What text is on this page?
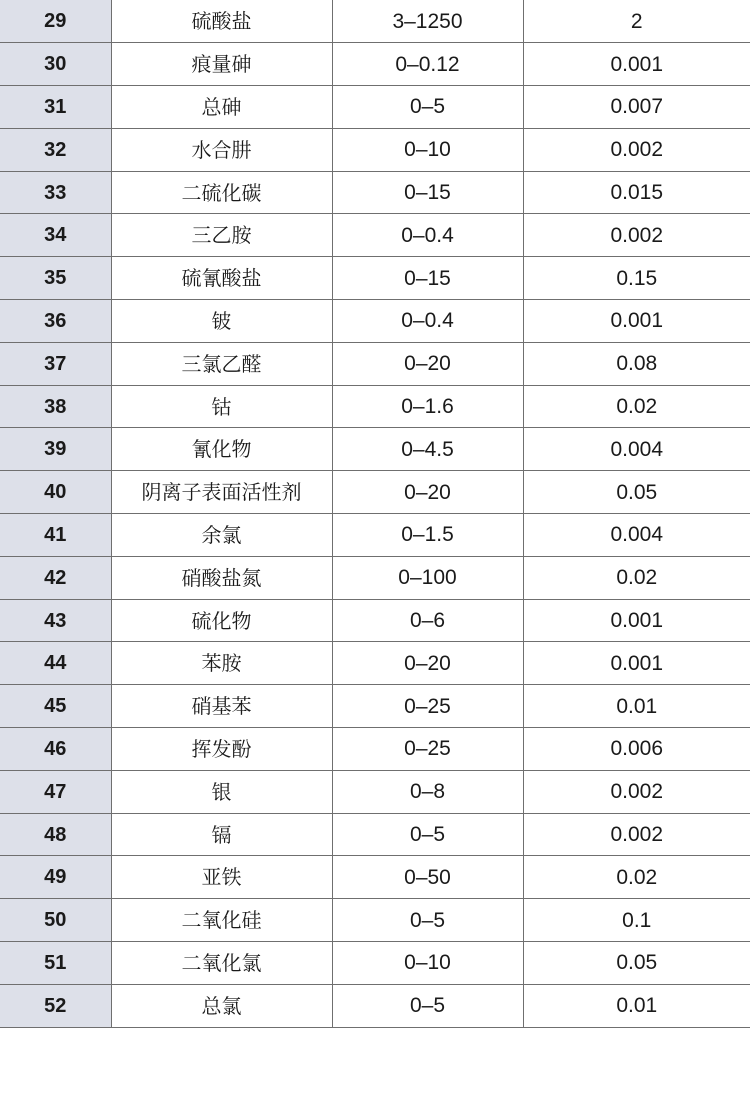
29	硫酸盐	3–1250	2
30	痕量砷	0–0.12	0.001
31	总砷	0–5	0.007
32	水合肼	0–10	0.002
33	二硫化碳	0–15	0.015
34	三乙胺	0–0.4	0.002
35	硫氰酸盐	0–15	0.15
36	铍	0–0.4	0.001
37	三氯乙醛	0–20	0.08
38	钴	0–1.6	0.02
39	氰化物	0–4.5	0.004
40	阴离子表面活性剂	0–20	0.05
41	余氯	0–1.5	0.004
42	硝酸盐氮	0–100	0.02
43	硫化物	0–6	0.001
44	苯胺	0–20	0.001
45	硝基苯	0–25	0.01
46	挥发酚	0–25	0.006
47	银	0–8	0.002
48	镉	0–5	0.002
49	亚铁	0–50	0.02
50	二氧化硅	0–5	0.1
51	二氧化氯	0–10	0.05
52	总氯	0–5	0.01
